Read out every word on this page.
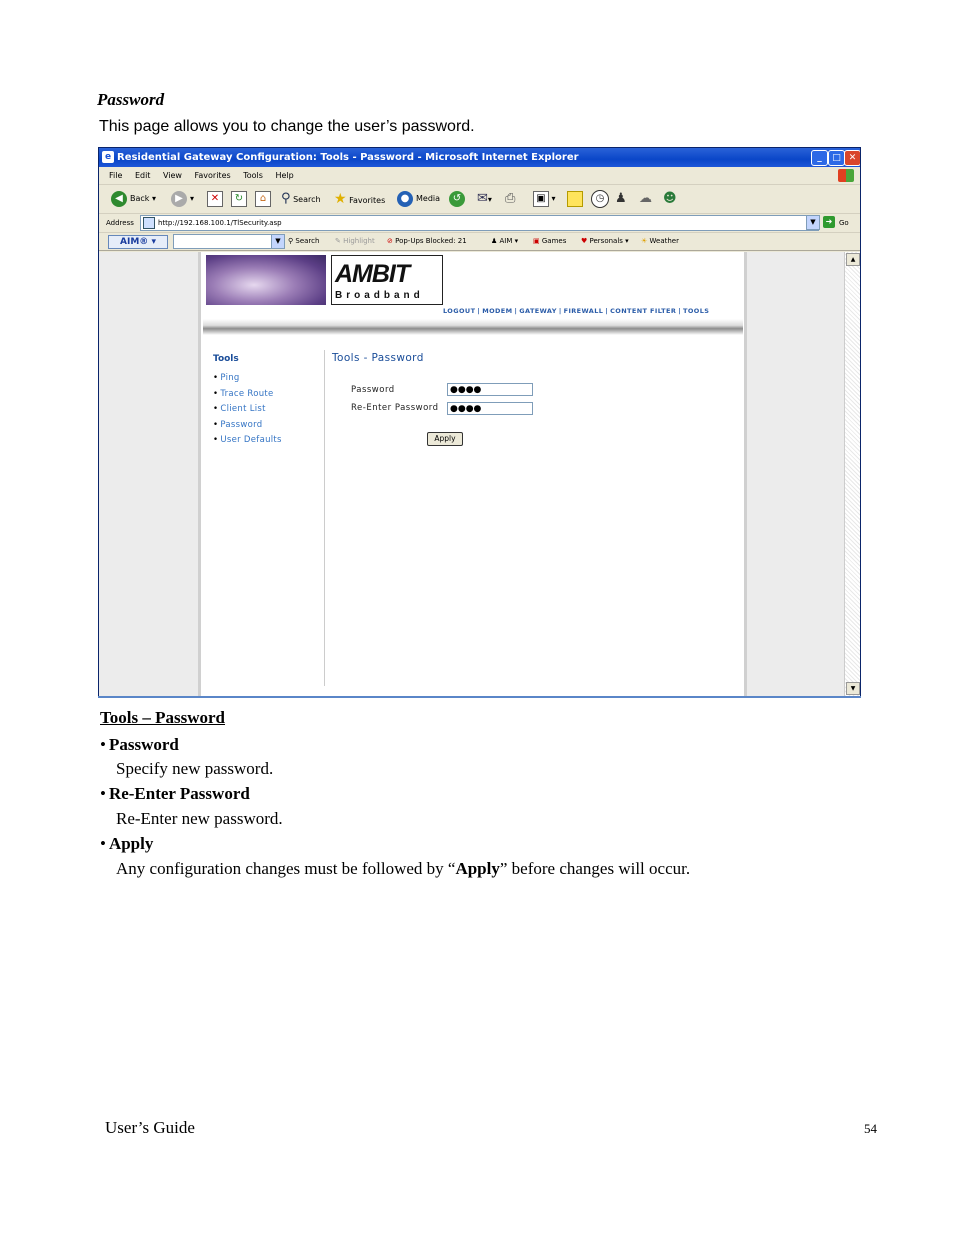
Password
This page allows you to change the user’s password.
e Residential Gateway Configuration: Tools - Password - Microsoft Internet Explorer	_	□ ✕
File Edit View Favorites Tools Help
◀ Back ▾	▶ ▾	✕	↻	⌂	⚲ Search ★ Favorites	● Media	↺	✉▾ ⎙	▣ ▾	◷ ♟ ☁ ☻
Address	http://192.168.100.1/TlSecurity.asp	▼	➜ Go
AIM® ▾	▼	⚲ Search ✎ Highlight ⊘ Pop-Ups Blocked: 21	♟ AIM ▾ ▣ Games ♥ Personals ▾ ☀ Weather
AMBIT
Broadband
LOGOUT | MODEM | GATEWAY | FIREWALL | CONTENT FILTER | TOOLS
Tools
• Ping
• Trace Route
• Client List
• Password
• User Defaults
Tools - Password
Password	●●●●
Re-Enter Password	●●●●
Apply
▲
▼
Tools – Password
• Password
Specify new password.
• Re-Enter Password
Re-Enter new password.
• Apply
Any configuration changes must be followed by “Apply” before changes will occur.
User’s Guide	54
